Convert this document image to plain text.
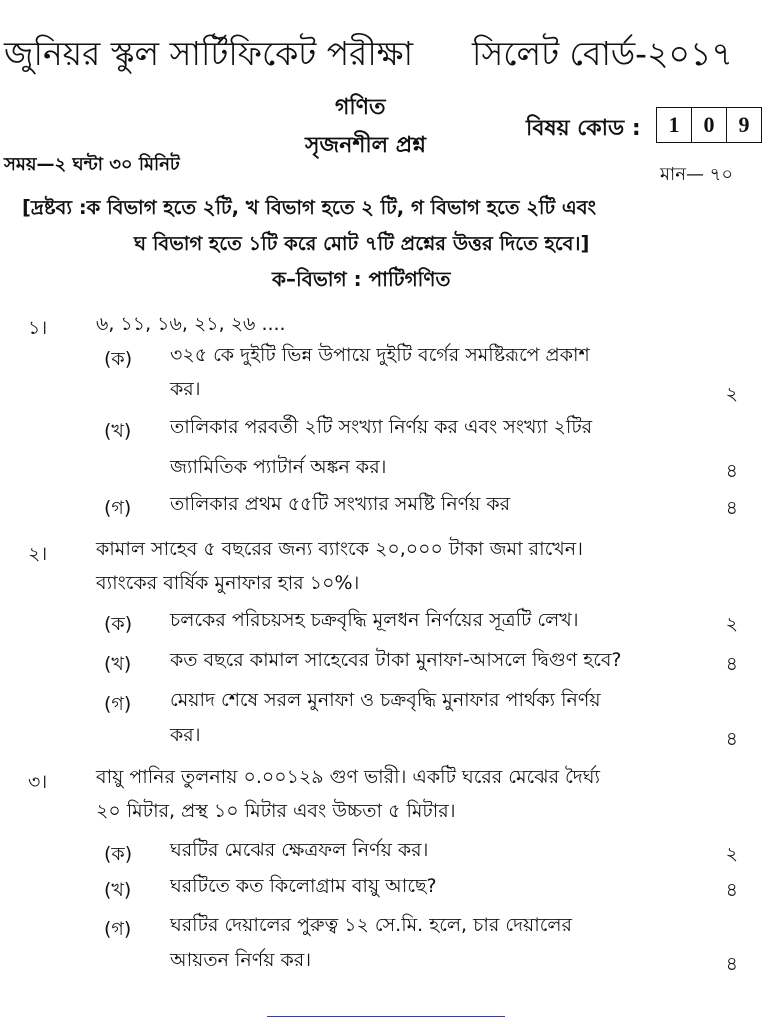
জুনিয়র স্কুল সার্টিফিকেট পরীক্ষা সিলেট বোর্ড-২০১৭
গণিত
সৃজনশীল প্রশ্ন
বিষয় কোড :	1	0	9
সময়—২ ঘন্টা ৩০ মিনিট	মান— ৭০
[দ্রষ্টব্য :ক বিভাগ হতে ২টি, খ বিভাগ হতে ২ টি, গ বিভাগ হতে ২টি এবং
ঘ বিভাগ হতে ১টি করে মোট ৭টি প্রশ্নের উত্তর দিতে হবে।]
ক–বিভাগ : পাটিগণিত
১।	৬, ১১, ১৬, ২১, ২৬ ....
(ক) ৩২৫ কে দুইটি ভিন্ন উপায়ে দুইটি বর্গের সমষ্টিরূপে প্রকাশ
কর।	২
(খ) তালিকার পরবর্তী ২টি সংখ্যা নির্ণয় কর এবং সংখ্যা ২টির
জ্যামিতিক প্যাটার্ন অঙ্কন কর।	৪
(গ) তালিকার প্রথম ৫৫টি সংখ্যার সমষ্টি নির্ণয় কর	৪
২।	কামাল সাহেব ৫ বছরের জন্য ব্যাংকে ২০,০০০ টাকা জমা রাখেন।
ব্যাংকের বার্ষিক মুনাফার হার ১০%।
(ক) চলকের পরিচয়সহ চক্রবৃদ্ধি মূলধন নির্ণয়ের সূত্রটি লেখ।	২
(খ) কত বছরে কামাল সাহেবের টাকা মুনাফা-আসলে দ্বিগুণ হবে?	৪
(গ) মেয়াদ শেষে সরল মুনাফা ও চক্রবৃদ্ধি মুনাফার পার্থক্য নির্ণয়
কর।	৪
৩।	বায়ু পানির তুলনায় ০.০০১২৯ গুণ ভারী। একটি ঘরের মেঝের দৈর্ঘ্য
২০ মিটার, প্রস্থ ১০ মিটার এবং উচ্চতা ৫ মিটার।
(ক) ঘরটির মেঝের ক্ষেত্রফল নির্ণয় কর।	২
(খ) ঘরটিতে কত কিলোগ্রাম বায়ু আছে?	৪
(গ) ঘরটির দেয়ালের পুরুত্ব ১২ সে.মি. হলে, চার দেয়ালের
আয়তন নির্ণয় কর।	৪
